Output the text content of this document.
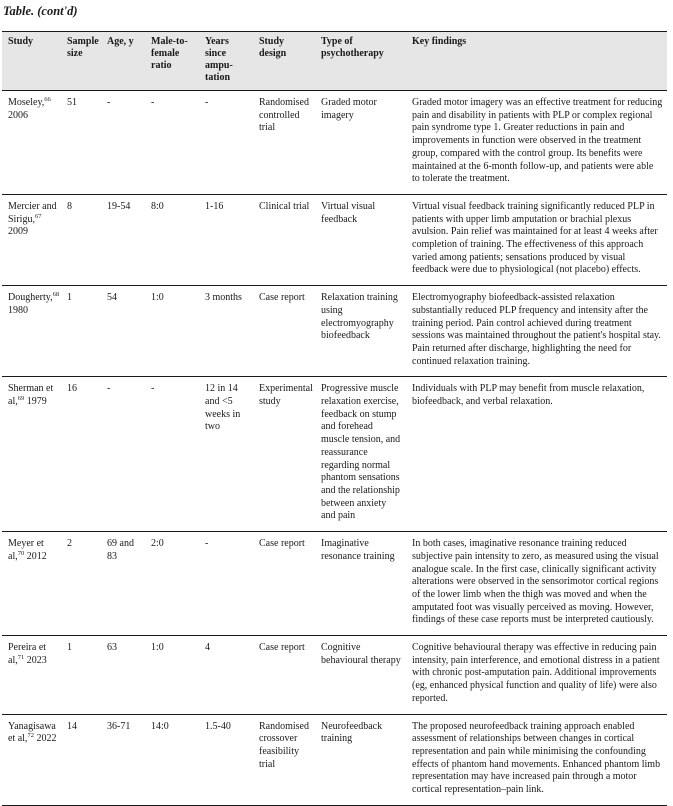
Table. (cont'd)
Study	Sample size	Age, y	Male-to-female ratio	Years since ampu-tation	Study design	Type of psychotherapy	Key findings
Moseley,$^{66}$ 2006	51	-	-	-	Randomised controlled trial	Graded motor imagery	Graded motor imagery was an effective treatment for reducing pain and disability in patients with PLP or complex regional pain syndrome type 1. Greater reductions in pain and improvements in function were observed in the treatment group, compared with the control group. Its benefits were maintained at the 6-month follow-up, and patients were able to tolerate the treatment.
Mercier and Sirigu,$^{67}$ 2009	8	19-54	8:0	1-16	Clinical trial	Virtual visual feedback	Virtual visual feedback training significantly reduced PLP in patients with upper limb amputation or brachial plexus avulsion. Pain relief was maintained for at least 4 weeks after completion of training. The effectiveness of this approach varied among patients; sensations produced by visual feedback were due to physiological (not placebo) effects.
Dougherty,$^{68}$ 1980	1	54	1:0	3 months	Case report	Relaxation training using electromyography biofeedback	Electromyography biofeedback-assisted relaxation substantially reduced PLP frequency and intensity after the training period. Pain control achieved during treatment sessions was maintained throughout the patient's hospital stay. Pain returned after discharge, highlighting the need for continued relaxation training.
Sherman et al,$^{69}$ 1979	16	-	-	12 in 14 and <5 weeks in two	Experimental study	Progressive muscle relaxation exercise, feedback on stump and forehead muscle tension, and reassurance regarding normal phantom sensations and the relationship between anxiety and pain	Individuals with PLP may benefit from muscle relaxation, biofeedback, and verbal relaxation.
Meyer et al,$^{70}$ 2012	2	69 and 83	2:0	-	Case report	Imaginative resonance training	In both cases, imaginative resonance training reduced subjective pain intensity to zero, as measured using the visual analogue scale. In the first case, clinically significant activity alterations were observed in the sensorimotor cortical regions of the lower limb when the thigh was moved and when the amputated foot was visually perceived as moving. However, findings of these case reports must be interpreted cautiously.
Pereira et al,$^{71}$ 2023	1	63	1:0	4	Case report	Cognitive behavioural therapy	Cognitive behavioural therapy was effective in reducing pain intensity, pain interference, and emotional distress in a patient with chronic post-amputation pain. Additional improvements (eg, enhanced physical function and quality of life) were also reported.
Yanagisawa et al,$^{72}$ 2022	14	36-71	14:0	1.5-40	Randomised crossover feasibility trial	Neurofeedback training	The proposed neurofeedback training approach enabled assessment of relationships between changes in cortical representation and pain while minimising the confounding effects of phantom hand movements. Enhanced phantom limb representation may have increased pain through a motor cortical representation–pain link.
